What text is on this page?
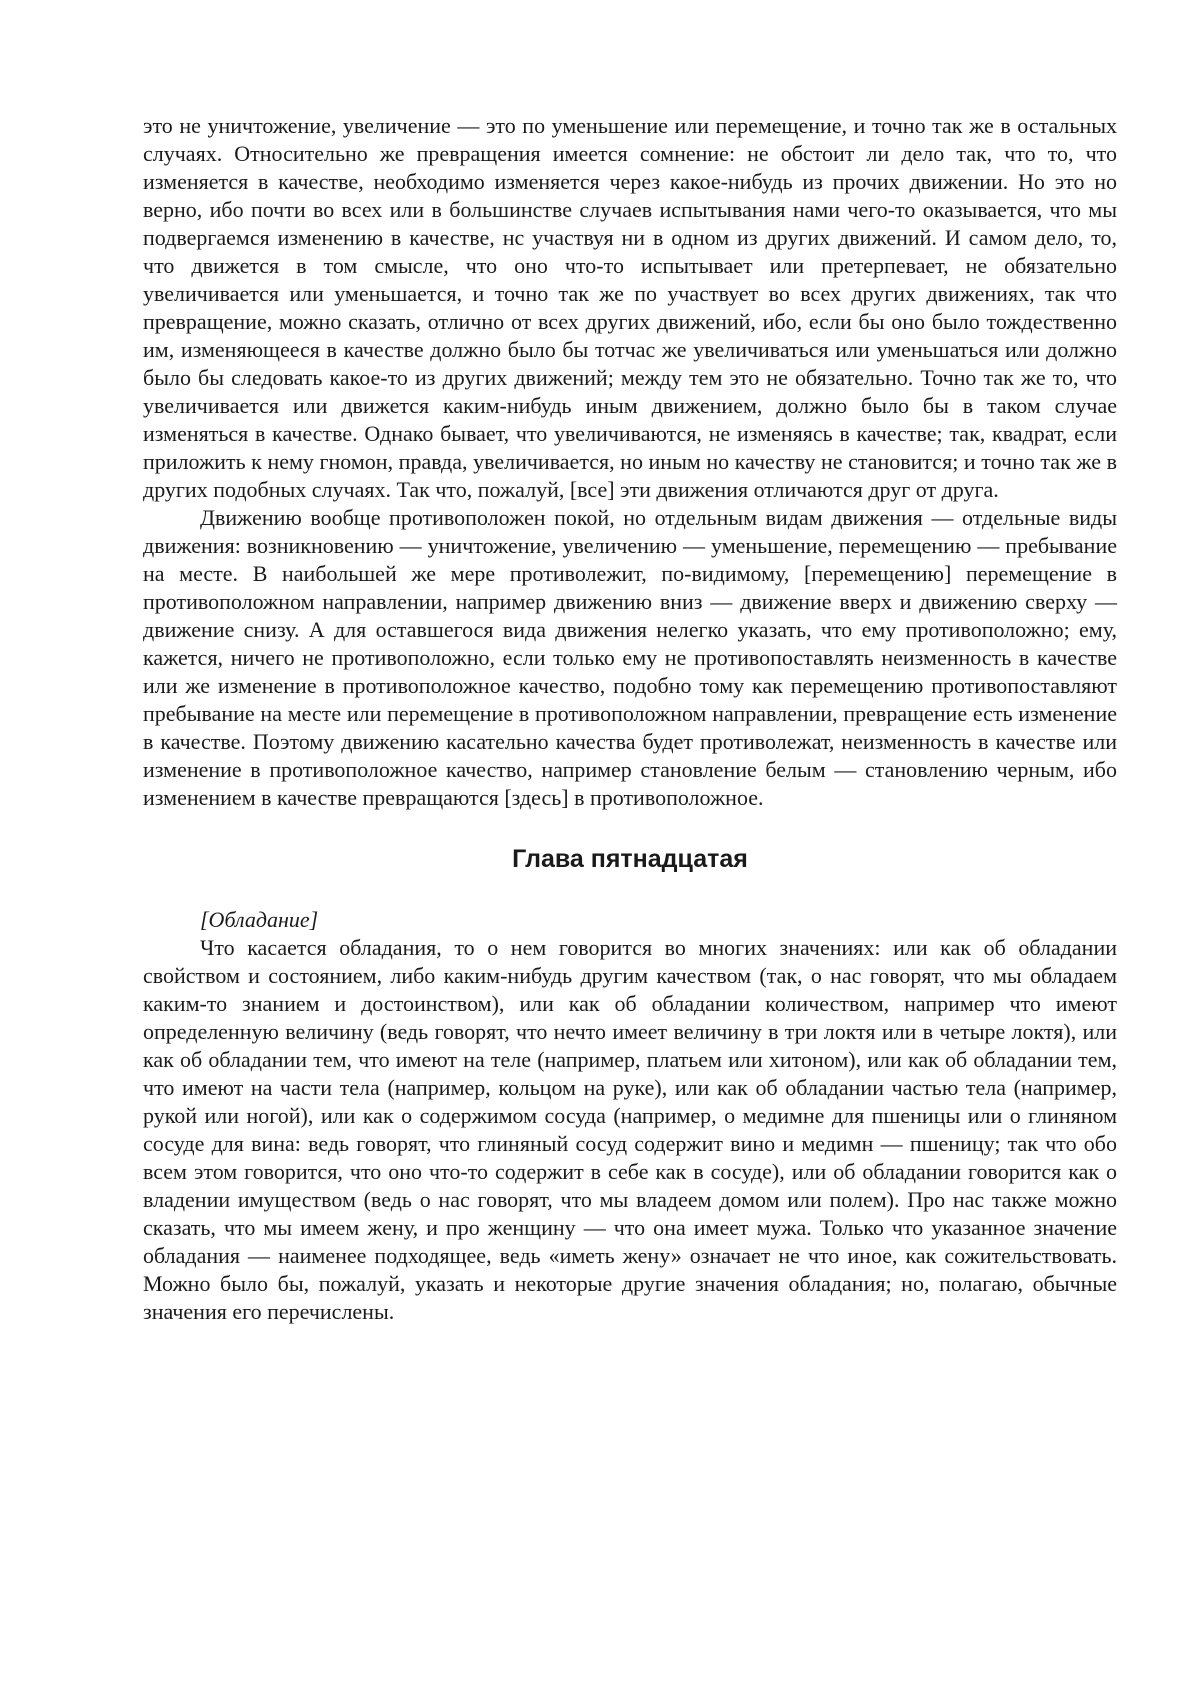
это не уничтожение, увеличение — это по уменьшение или перемещение, и точно так же в остальных случаях. Относительно же превращения имеется сомнение: не обстоит ли дело так, что то, что изменяется в качестве, необходимо изменяется через какое-нибудь из прочих движении. Но это но верно, ибо почти во всех или в большинстве случаев испытывания нами чего-то оказывается, что мы подвергаемся изменению в качестве, нс участвуя ни в одном из других движений. И самом дело, то, что движется в том смысле, что оно что-то испытывает или претерпевает, не обязательно увеличивается или уменьшается, и точно так же по участвует во всех других движениях, так что превращение, можно сказать, отлично от всех других движений, ибо, если бы оно было тождественно им, изменяющееся в качестве должно было бы тотчас же увеличиваться или уменьшаться или должно было бы следовать какое-то из других движений; между тем это не обязательно. Точно так же то, что увеличивается или движется каким-нибудь иным движением, должно было бы в таком случае изменяться в качестве. Однако бывает, что увеличиваются, не изменяясь в качестве; так, квадрат, если приложить к нему гномон, правда, увеличивается, но иным но качеству не становится; и точно так же в других подобных случаях. Так что, пожалуй, [все] эти движения отличаются друг от друга.

Движению вообще противоположен покой, но отдельным видам движения — отдельные виды движения: возникновению — уничтожение, увеличению — уменьшение, перемещению — пребывание на месте. В наибольшей же мере противолежит, по-видимому, [перемещению] перемещение в противоположном направлении, например движению вниз — движение вверх и движению сверху — движение снизу. А для оставшегося вида движения нелегко указать, что ему противоположно; ему, кажется, ничего не противоположно, если только ему не противопоставлять неизменность в качестве или же изменение в противоположное качество, подобно тому как перемещению противопоставляют пребывание на месте или перемещение в противоположном направлении, превращение есть изменение в качестве. Поэтому движению касательно качества будет противолежат, неизменность в качестве или изменение в противоположное качество, например становление белым — становлению черным, ибо изменением в качестве превращаются [здесь] в противоположное.

Глава пятнадцатая

[Обладание]

Что касается обладания, то о нем говорится во многих значениях: или как об обладании свойством и состоянием, либо каким-нибудь другим качеством (так, о нас говорят, что мы обладаем каким-то знанием и достоинством), или как об обладании количеством, например что имеют определенную величину (ведь говорят, что нечто имеет величину в три локтя или в четыре локтя), или как об обладании тем, что имеют на теле (например, платьем или хитоном), или как об обладании тем, что имеют на части тела (например, кольцом на руке), или как об обладании частью тела (например, рукой или ногой), или как о содержимом сосуда (например, о медимне для пшеницы или о глиняном сосуде для вина: ведь говорят, что глиняный сосуд содержит вино и медимн — пшеницу; так что обо всем этом говорится, что оно что-то содержит в себе как в сосуде), или об обладании говорится как о владении имуществом (ведь о нас говорят, что мы владеем домом или полем). Про нас также можно сказать, что мы имеем жену, и про женщину — что она имеет мужа. Только что указанное значение обладания — наименее подходящее, ведь «иметь жену» означает не что иное, как сожительствовать. Можно было бы, пожалуй, указать и некоторые другие значения обладания; но, полагаю, обычные значения его перечислены.
